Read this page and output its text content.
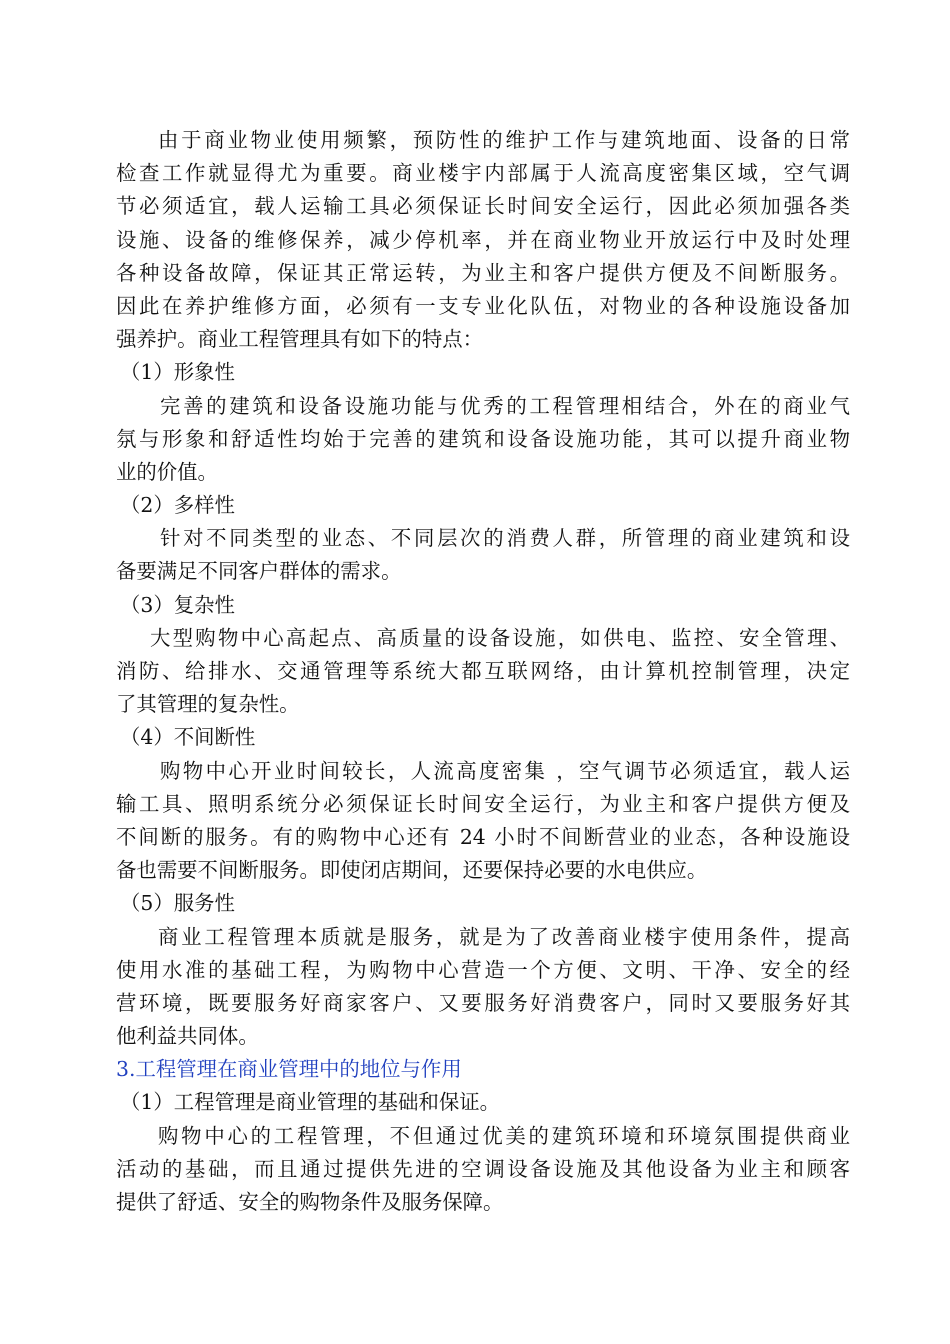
由于商业物业使用频繁，预防性的维护工作与建筑地面、设备的日常
检查工作就显得尤为重要。商业楼宇内部属于人流高度密集区域，空气调
节必须适宜，载人运输工具必须保证长时间安全运行，因此必须加强各类
设施、设备的维修保养，减少停机率，并在商业物业开放运行中及时处理
各种设备故障，保证其正常运转，为业主和客户提供方便及不间断服务。
因此在养护维修方面，必须有一支专业化队伍，对物业的各种设施设备加
强养护。商业工程管理具有如下的特点：
（1）形象性
完善的建筑和设备设施功能与优秀的工程管理相结合，外在的商业气
氛与形象和舒适性均始于完善的建筑和设备设施功能，其可以提升商业物
业的价值。
（2）多样性
针对不同类型的业态、不同层次的消费人群，所管理的商业建筑和设
备要满足不同客户群体的需求。
（3）复杂性
大型购物中心高起点、高质量的设备设施，如供电、监控、安全管理、
消防、给排水、交通管理等系统大都互联网络，由计算机控制管理，决定
了其管理的复杂性。
（4）不间断性
购物中心开业时间较长，人流高度密集 ，空气调节必须适宜，载人运
输工具、照明系统分必须保证长时间安全运行，为业主和客户提供方便及
不间断的服务。有的购物中心还有 24 小时不间断营业的业态，各种设施设
备也需要不间断服务。即使闭店期间，还要保持必要的水电供应。
（5）服务性
商业工程管理本质就是服务，就是为了改善商业楼宇使用条件，提高
使用水准的基础工程，为购物中心营造一个方便、文明、干净、安全的经
营环境，既要服务好商家客户、又要服务好消费客户，同时又要服务好其
他利益共同体。
3.工程管理在商业管理中的地位与作用
（1）工程管理是商业管理的基础和保证。
购物中心的工程管理，不但通过优美的建筑环境和环境氛围提供商业
活动的基础，而且通过提供先进的空调设备设施及其他设备为业主和顾客
提供了舒适、安全的购物条件及服务保障。
